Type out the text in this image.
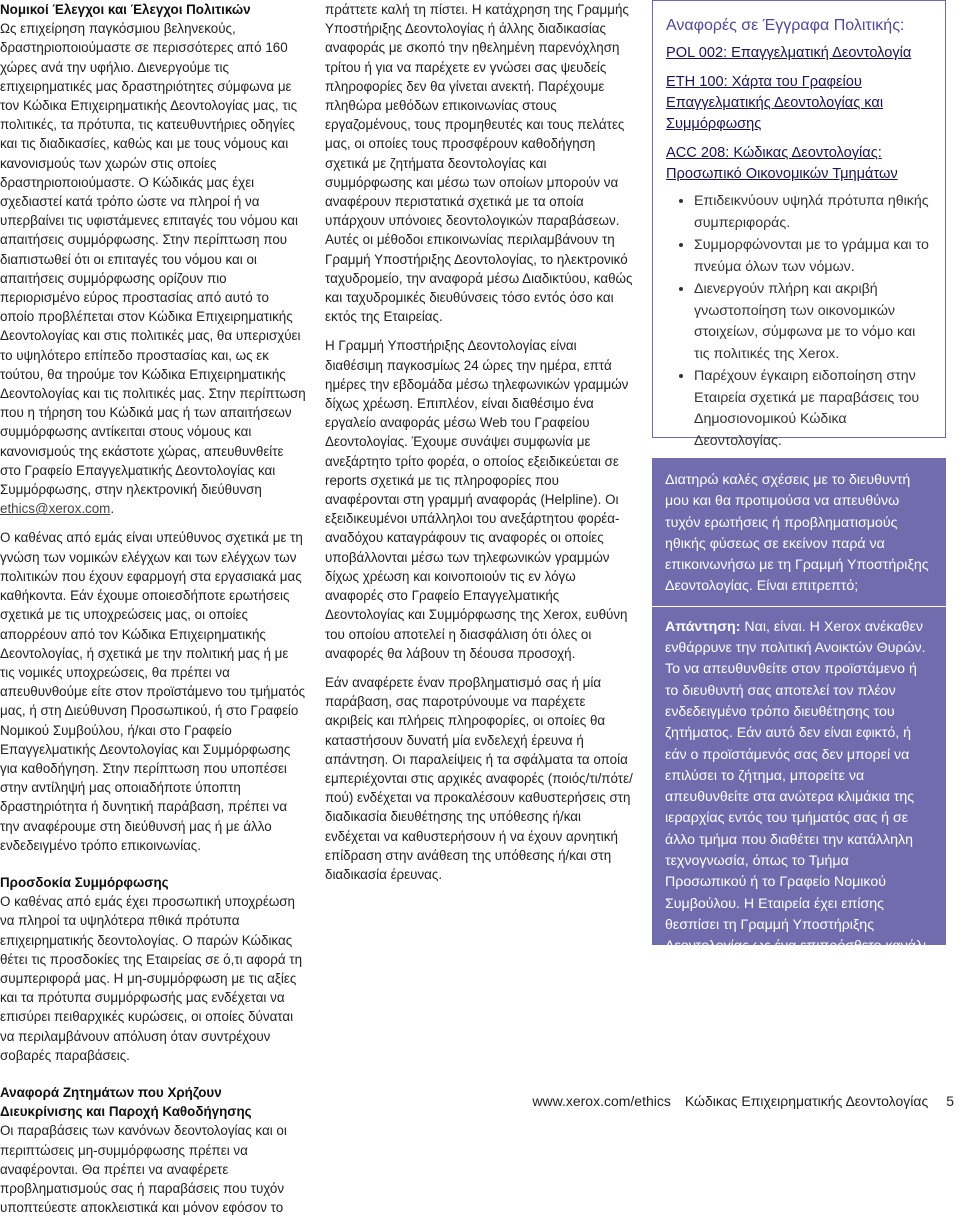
Νομικοί Έλεγχοι και Έλεγχοι Πολιτικών

Ως επιχείρηση παγκόσμιου βεληνεκούς, δραστηριοποιούμαστε σε περισσότερες από 160 χώρες ανά την υφήλιο. Διενεργούμε τις επιχειρηματικές μας δραστηριότητες σύμφωνα με τον Κώδικα Επιχειρηματικής Δεοντολογίας μας, τις πολιτικές, τα πρότυπα, τις κατευθυντήριες οδηγίες και τις διαδικασίες, καθώς και με τους νόμους και κανονισμούς των χωρών στις οποίες δραστηριοποιούμαστε. Ο Κώδικάς μας έχει σχεδιαστεί κατά τρόπο ώστε να πληροί ή να υπερβαίνει τις υφιστάμενες επιταγές του νόμου και απαιτήσεις συμμόρφωσης. Στην περίπτωση που διαπιστωθεί ότι οι επιταγές του νόμου και οι απαιτήσεις συμμόρφωσης ορίζουν πιο περιορισμένο εύρος προστασίας από αυτό το οποίο προβλέπεται στον Κώδικα Επιχειρηματικής Δεοντολογίας και στις πολιτικές μας, θα υπερισχύει το υψηλότερο επίπεδο προστασίας και, ως εκ τούτου, θα τηρούμε τον Κώδικα Επιχειρηματικής Δεοντολογίας και τις πολιτικές μας. Στην περίπτωση που η τήρηση του Κώδικά μας ή των απαιτήσεων συμμόρφωσης αντίκειται στους νόμους και κανονισμούς της εκάστοτε χώρας, απευθυνθείτε στο Γραφείο Επαγγελματικής Δεοντολογίας και Συμμόρφωσης, στην ηλεκτρονική διεύθυνση ethics@xerox.com.

Ο καθένας από εμάς είναι υπεύθυνος σχετικά με τη γνώση των νομικών ελέγχων και των ελέγχων των πολιτικών που έχουν εφαρμογή στα εργασιακά μας καθήκοντα. Εάν έχουμε οποιεσδήποτε ερωτήσεις σχετικά με τις υποχρεώσεις μας, οι οποίες απορρέουν από τον Κώδικα Επιχειρηματικής Δεοντολογίας, ή σχετικά με την πολιτική μας ή με τις νομικές υποχρεώσεις, θα πρέπει να απευθυνθούμε είτε στον προϊστάμενο του τμήματός μας, ή στη Διεύθυνση Προσωπικού, ή στο Γραφείο Νομικού Συμβούλου, ή/και στο Γραφείο Επαγγελματικής Δεοντολογίας και Συμμόρφωσης για καθοδήγηση. Στην περίπτωση που υποπέσει στην αντίληψή μας οποιαδήποτε ύποπτη δραστηριότητα ή δυνητική παράβαση, πρέπει να την αναφέρουμε στη διεύθυνσή μας ή με άλλο ενδεδειγμένο τρόπο επικοινωνίας.

Προσδοκία Συμμόρφωσης

Ο καθένας από εμάς έχει προσωπική υποχρέωση να πληροί τα υψηλότερα πθικά πρότυπα επιχειρηματικής δεοντολογίας. Ο παρών Κώδικας θέτει τις προσδοκίες της Εταιρείας σε ό,τι αφορά τη συμπεριφορά μας. Η μη-συμμόρφωση με τις αξίες και τα πρότυπα συμμόρφωσής μας ενδέχεται να επισύρει πειθαρχικές κυρώσεις, οι οποίες δύναται να περιλαμβάνουν απόλυση όταν συντρέχουν σοβαρές παραβάσεις.

Αναφορά Ζητημάτων που Χρήζουν Διευκρίνισης και Παροχή Καθοδήγησης

Οι παραβάσεις των κανόνων δεοντολογίας και οι περιπτώσεις μη-συμμόρφωσης πρέπει να αναφέρονται. Θα πρέπει να αναφέρετε προβληματισμούς σας ή παραβάσεις που τυχόν υποπτεύεστε αποκλειστικά και μόνον εφόσον το

πράττετε καλή τη πίστει. Η κατάχρηση της Γραμμής Υποστήριξης Δεοντολογίας ή άλλης διαδικασίας αναφοράς με σκοπό την ηθελημένη παρενόχληση τρίτου ή για να παρέχετε εν γνώσει σας ψευδείς πληροφορίες δεν θα γίνεται ανεκτή. Παρέχουμε πληθώρα μεθόδων επικοινωνίας στους εργαζομένους, τους προμηθευτές και τους πελάτες μας, οι οποίες τους προσφέρουν καθοδήγηση σχετικά με ζητήματα δεοντολογίας και συμμόρφωσης και μέσω των οποίων μπορούν να αναφέρουν περιστατικά σχετικά με τα οποία υπάρχουν υπόνοιες δεοντολογικών παραβάσεων. Αυτές οι μέθοδοι επικοινωνίας περιλαμβάνουν τη Γραμμή Υποστήριξης Δεοντολογίας, το ηλεκτρονικό ταχυδρομείο, την αναφορά μέσω Διαδικτύου, καθώς και ταχυδρομικές διευθύνσεις τόσο εντός όσο και εκτός της Εταιρείας.

Η Γραμμή Υποστήριξης Δεοντολογίας είναι διαθέσιμη παγκοσμίως 24 ώρες την ημέρα, επτά ημέρες την εβδομάδα μέσω τηλεφωνικών γραμμών δίχως χρέωση. Επιπλέον, είναι διαθέσιμο ένα εργαλείο αναφοράς μέσω Web του Γραφείου Δεοντολογίας. Έχουμε συνάψει συμφωνία με ανεξάρτητο τρίτο φορέα, ο οποίος εξειδικεύεται σε reports σχετικά με τις πληροφορίες που αναφέρονται στη γραμμή αναφοράς (Helpline). Οι εξειδικευμένοι υπάλληλοι του ανεξάρτητου φορέα-αναδόχου καταγράφουν τις αναφορές οι οποίες υποβάλλονται μέσω των τηλεφωνικών γραμμών δίχως χρέωση και κοινοποιούν τις εν λόγω αναφορές στο Γραφείο Επαγγελματικής Δεοντολογίας και Συμμόρφωσης της Xerox, ευθύνη του οποίου αποτελεί η διασφάλιση ότι όλες οι αναφορές θα λάβουν τη δέουσα προσοχή.

Εάν αναφέρετε έναν προβληματισμό σας ή μία παράβαση, σας παροτρύνουμε να παρέχετε ακριβείς και πλήρεις πληροφορίες, οι οποίες θα καταστήσουν δυνατή μία ενδελεχή έρευνα ή απάντηση. Οι παραλείψεις ή τα σφάλματα τα οποία εμπεριέχονται στις αρχικές αναφορές (ποιός/τι/πότε/ πού) ενδέχεται να προκαλέσουν καθυστερήσεις στη διαδικασία διευθέτησης της υπόθεσης ή/και ενδέχεται να καθυστερήσουν ή να έχουν αρνητική επίδραση στην ανάθεση της υπόθεσης ή/και στη διαδικασία έρευνας.

Αναφορές σε Έγγραφα Πολιτικής:
POL 002: Επαγγελματική Δεοντολογία
ETH 100: Χάρτα του Γραφείου Επαγγελματικής Δεοντολογίας και Συμμόρφωσης
ACC 208: Κώδικας Δεοντολογίας: Προσωπικό Οικονομικών Τμημάτων
• Επιδεικνύουν υψηλά πρότυπα ηθικής συμπεριφοράς.
• Συμμορφώνονται με το γράμμα και το πνεύμα όλων των νόμων.
• Διενεργούν πλήρη και ακριβή γνωστοποίηση των οικονομικών στοιχείων, σύμφωνα με το νόμο και τις πολιτικές της Xerox.
• Παρέχουν έγκαιρη ειδοποίηση στην Εταιρεία σχετικά με παραβάσεις του Δημοσιονομικού Κώδικα Δεοντολογίας.
Διατηρώ καλές σχέσεις με το διευθυντή μου και θα προτιμούσα να απευθύνω τυχόν ερωτήσεις ή προβληματισμούς ηθικής φύσεως σε εκείνον παρά να επικοινωνήσω με τη Γραμμή Υποστήριξης Δεοντολογίας. Είναι επιτρεπτό;
Απάντηση: Ναι, είναι. Η Xerox ανέκαθεν ενθάρρυνε την πολιτική Ανοικτών Θυρών. Το να απευθυνθείτε στον προϊστάμενο ή το διευθυντή σας αποτελεί τον πλέον ενδεδειγμένο τρόπο διευθέτησης του ζητήματος. Εάν αυτό δεν είναι εφικτό, ή εάν ο προϊστάμενός σας δεν μπορεί να επιλύσει το ζήτημα, μπορείτε να απευθυνθείτε στα ανώτερα κλιμάκια της ιεραρχίας εντός του τμήματός σας ή σε άλλο τμήμα που διαθέτει την κατάλληλη τεχνογνωσία, όπως το Τμήμα Προσωπικού ή το Γραφείο Νομικού Συμβούλου. Η Εταιρεία έχει επίσης θεσπίσει τη Γραμμή Υποστήριξης Δεοντολογίας ως ένα επιπρόσθετο κανάλι επικοινωνίας.
www.xerox.com/ethics Κώδικας Επιχειρηματικής Δεοντολογίας 5
